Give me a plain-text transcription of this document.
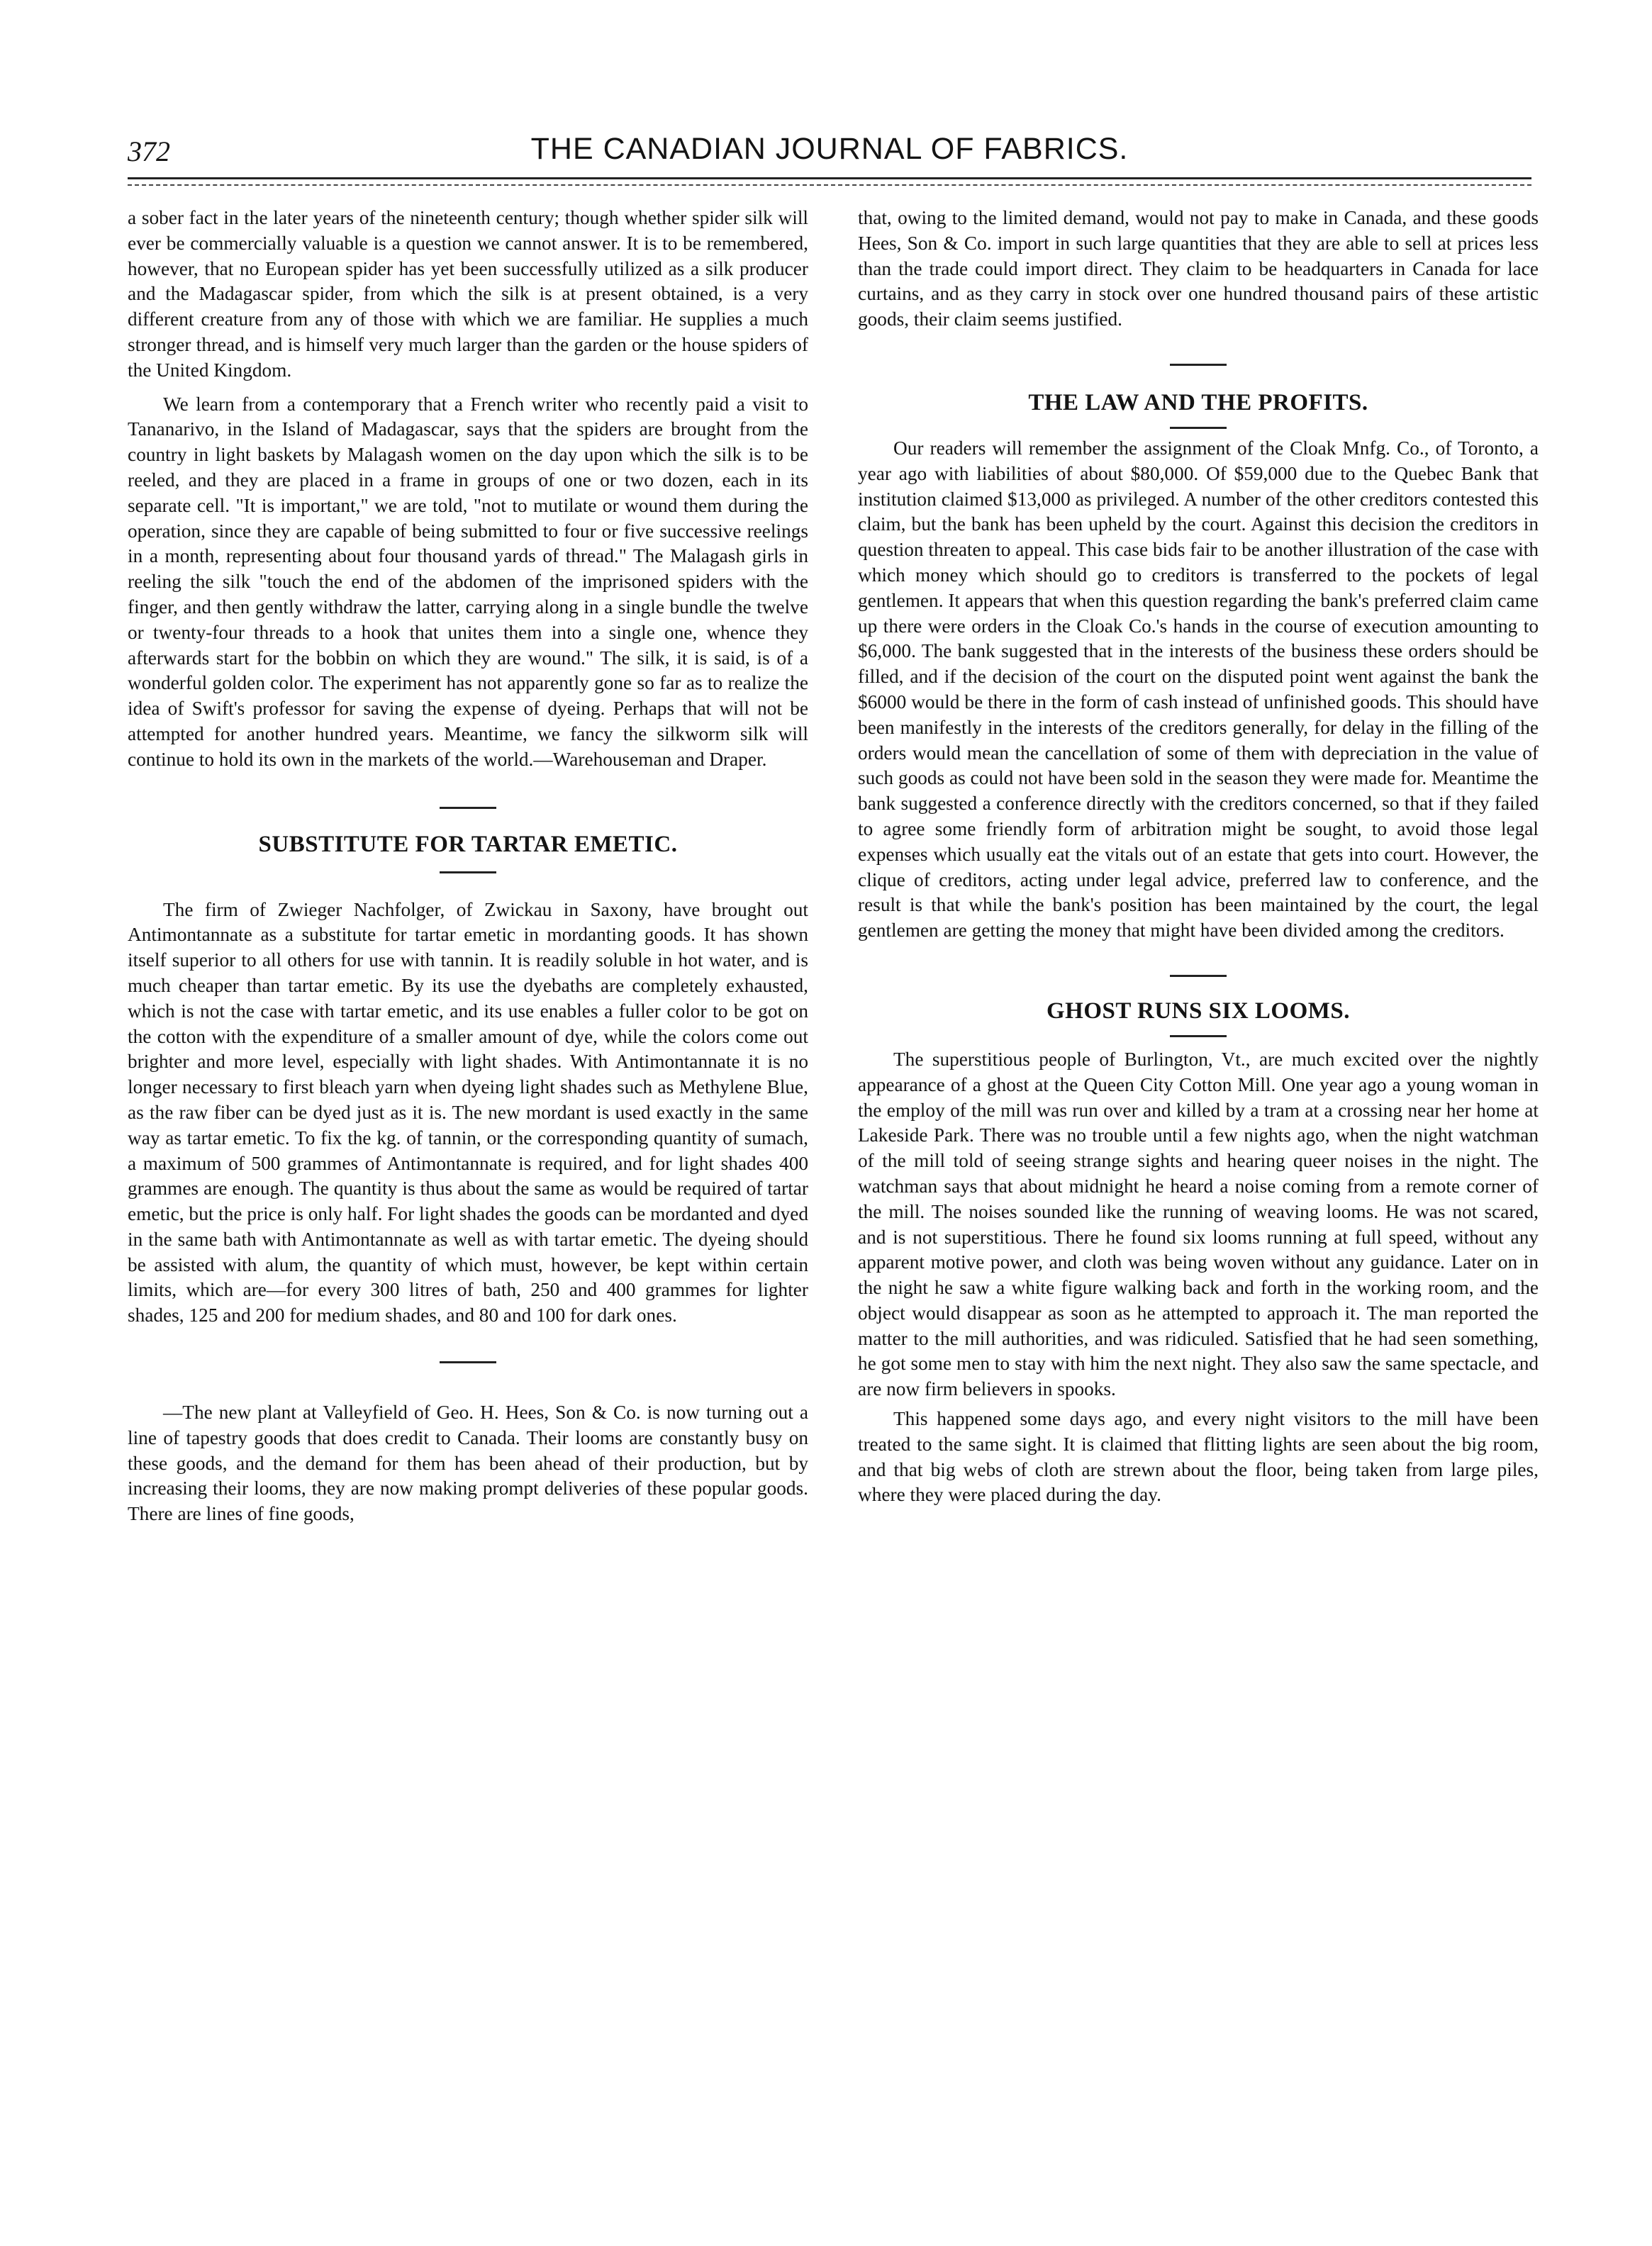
372	THE CANADIAN JOURNAL OF FABRICS.

a sober fact in the later years of the nineteenth century; though whether spider silk will ever be commercially valuable is a question we cannot answer. It is to be remembered, however, that no European spider has yet been successfully utilized as a silk producer and the Madagascar spider, from which the silk is at present obtained, is a very different creature from any of those with which we are familiar. He supplies a much stronger thread, and is himself very much larger than the garden or the house spiders of the United Kingdom.

We learn from a contemporary that a French writer who recently paid a visit to Tananarivo, in the Island of Madagascar, says that the spiders are brought from the country in light baskets by Malagash women on the day upon which the silk is to be reeled, and they are placed in a frame in groups of one or two dozen, each in its separate cell. "It is important," we are told, "not to mutilate or wound them during the operation, since they are capable of being submitted to four or five successive reelings in a month, representing about four thousand yards of thread." The Malagash girls in reeling the silk "touch the end of the abdomen of the imprisoned spiders with the finger, and then gently withdraw the latter, carrying along in a single bundle the twelve or twenty-four threads to a hook that unites them into a single one, whence they afterwards start for the bobbin on which they are wound." The silk, it is said, is of a wonderful golden color. The experiment has not apparently gone so far as to realize the idea of Swift's professor for saving the expense of dyeing. Perhaps that will not be attempted for another hundred years. Meantime, we fancy the silkworm silk will continue to hold its own in the markets of the world.—Warehouseman and Draper.

SUBSTITUTE FOR TARTAR EMETIC.

The firm of Zwieger Nachfolger, of Zwickau in Saxony, have brought out Antimontannate as a substitute for tartar emetic in mordanting goods. It has shown itself superior to all others for use with tannin. It is readily soluble in hot water, and is much cheaper than tartar emetic. By its use the dyebaths are completely exhausted, which is not the case with tartar emetic, and its use enables a fuller color to be got on the cotton with the expenditure of a smaller amount of dye, while the colors come out brighter and more level, especially with light shades. With Antimontannate it is no longer necessary to first bleach yarn when dyeing light shades such as Methylene Blue, as the raw fiber can be dyed just as it is. The new mordant is used exactly in the same way as tartar emetic. To fix the kg. of tannin, or the corresponding quantity of sumach, a maximum of 500 grammes of Antimontannate is required, and for light shades 400 grammes are enough. The quantity is thus about the same as would be required of tartar emetic, but the price is only half. For light shades the goods can be mordanted and dyed in the same bath with Antimontannate as well as with tartar emetic. The dyeing should be assisted with alum, the quantity of which must, however, be kept within certain limits, which are—for every 300 litres of bath, 250 and 400 grammes for lighter shades, 125 and 200 for medium shades, and 80 and 100 for dark ones.

—The new plant at Valleyfield of Geo. H. Hees, Son & Co. is now turning out a line of tapestry goods that does credit to Canada. Their looms are constantly busy on these goods, and the demand for them has been ahead of their production, but by increasing their looms, they are now making prompt deliveries of these popular goods. There are lines of fine goods,

that, owing to the limited demand, would not pay to make in Canada, and these goods Hees, Son & Co. import in such large quantities that they are able to sell at prices less than the trade could import direct. They claim to be headquarters in Canada for lace curtains, and as they carry in stock over one hundred thousand pairs of these artistic goods, their claim seems justified.

THE LAW AND THE PROFITS.

Our readers will remember the assignment of the Cloak Mnfg. Co., of Toronto, a year ago with liabilities of about $80,000. Of $59,000 due to the Quebec Bank that institution claimed $13,000 as privileged. A number of the other creditors contested this claim, but the bank has been upheld by the court. Against this decision the creditors in question threaten to appeal. This case bids fair to be another illustration of the case with which money which should go to creditors is transferred to the pockets of legal gentlemen. It appears that when this question regarding the bank's preferred claim came up there were orders in the Cloak Co.'s hands in the course of execution amounting to $6,000. The bank suggested that in the interests of the business these orders should be filled, and if the decision of the court on the disputed point went against the bank the $6000 would be there in the form of cash instead of unfinished goods. This should have been manifestly in the interests of the creditors generally, for delay in the filling of the orders would mean the cancellation of some of them with depreciation in the value of such goods as could not have been sold in the season they were made for. Meantime the bank suggested a conference directly with the creditors concerned, so that if they failed to agree some friendly form of arbitration might be sought, to avoid those legal expenses which usually eat the vitals out of an estate that gets into court. However, the clique of creditors, acting under legal advice, preferred law to conference, and the result is that while the bank's position has been maintained by the court, the legal gentlemen are getting the money that might have been divided among the creditors.

GHOST RUNS SIX LOOMS.

The superstitious people of Burlington, Vt., are much excited over the nightly appearance of a ghost at the Queen City Cotton Mill. One year ago a young woman in the employ of the mill was run over and killed by a tram at a crossing near her home at Lakeside Park. There was no trouble until a few nights ago, when the night watchman of the mill told of seeing strange sights and hearing queer noises in the night. The watchman says that about midnight he heard a noise coming from a remote corner of the mill. The noises sounded like the running of weaving looms. He was not scared, and is not superstitious. There he found six looms running at full speed, without any apparent motive power, and cloth was being woven without any guidance. Later on in the night he saw a white figure walking back and forth in the working room, and the object would disappear as soon as he attempted to approach it. The man reported the matter to the mill authorities, and was ridiculed. Satisfied that he had seen something, he got some men to stay with him the next night. They also saw the same spectacle, and are now firm believers in spooks.

This happened some days ago, and every night visitors to the mill have been treated to the same sight. It is claimed that flitting lights are seen about the big room, and that big webs of cloth are strewn about the floor, being taken from large piles, where they were placed during the day.
